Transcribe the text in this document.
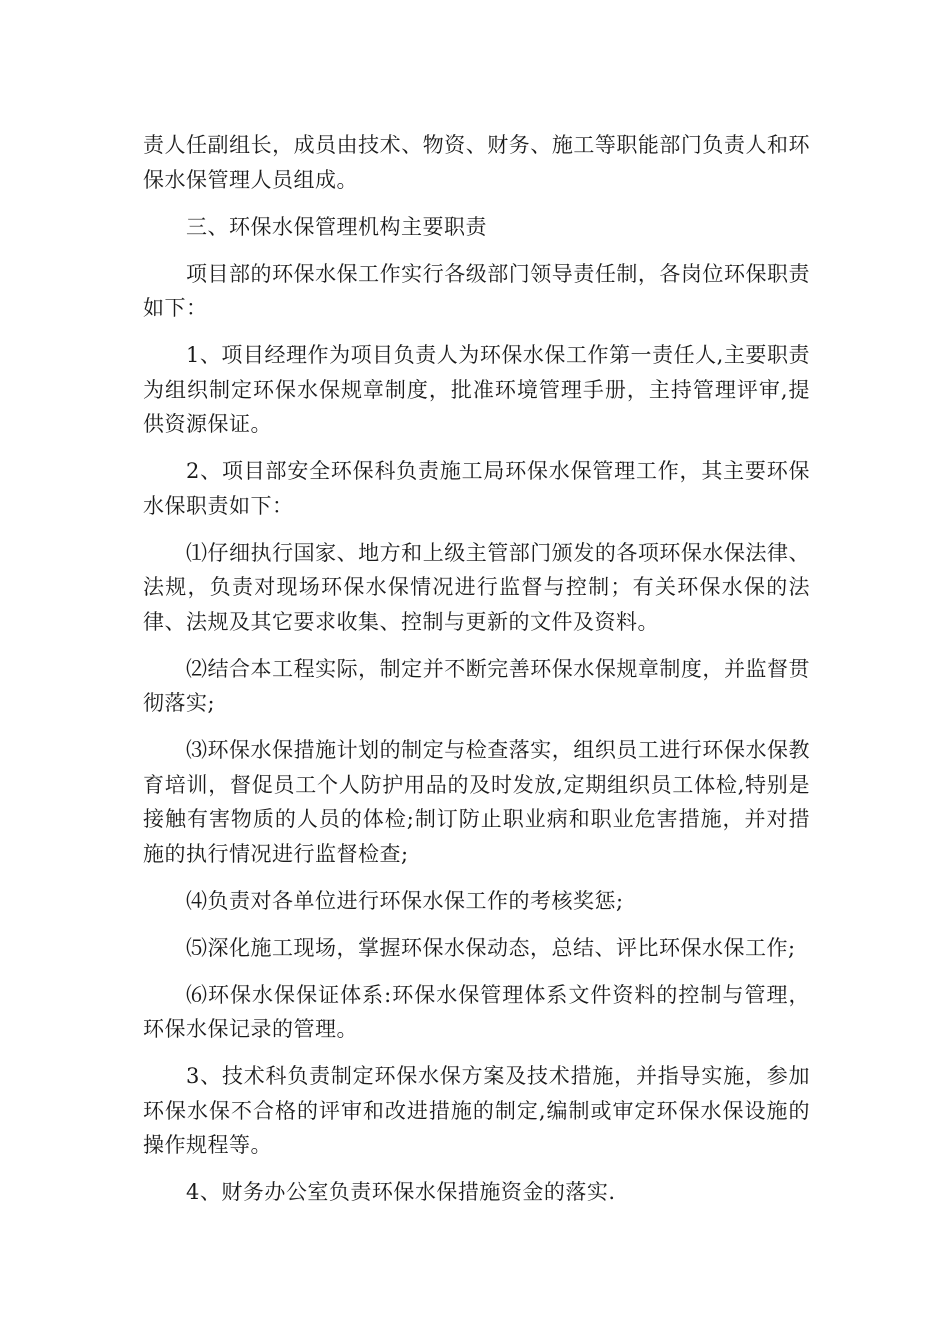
责人任副组长，成员由技术、物资、财务、施工等职能部门负责人和环保水保管理人员组成。

三、环保水保管理机构主要职责

项目部的环保水保工作实行各级部门领导责任制，各岗位环保职责如下：

1、项目经理作为项目负责人为环保水保工作第一责任人,主要职责为组织制定环保水保规章制度，批准环境管理手册，主持管理评审,提供资源保证。

2、项目部安全环保科负责施工局环保水保管理工作，其主要环保水保职责如下：

⑴仔细执行国家、地方和上级主管部门颁发的各项环保水保法律、法规，负责对现场环保水保情况进行监督与控制；有关环保水保的法律、法规及其它要求收集、控制与更新的文件及资料。

⑵结合本工程实际，制定并不断完善环保水保规章制度，并监督贯彻落实;

⑶环保水保措施计划的制定与检查落实，组织员工进行环保水保教育培训，督促员工个人防护用品的及时发放,定期组织员工体检,特别是接触有害物质的人员的体检;制订防止职业病和职业危害措施，并对措施的执行情况进行监督检查;

⑷负责对各单位进行环保水保工作的考核奖惩;

⑸深化施工现场，掌握环保水保动态，总结、评比环保水保工作;

⑹环保水保保证体系:环保水保管理体系文件资料的控制与管理，环保水保记录的管理。

3、技术科负责制定环保水保方案及技术措施，并指导实施，参加环保水保不合格的评审和改进措施的制定,编制或审定环保水保设施的操作规程等。

4、财务办公室负责环保水保措施资金的落实.
